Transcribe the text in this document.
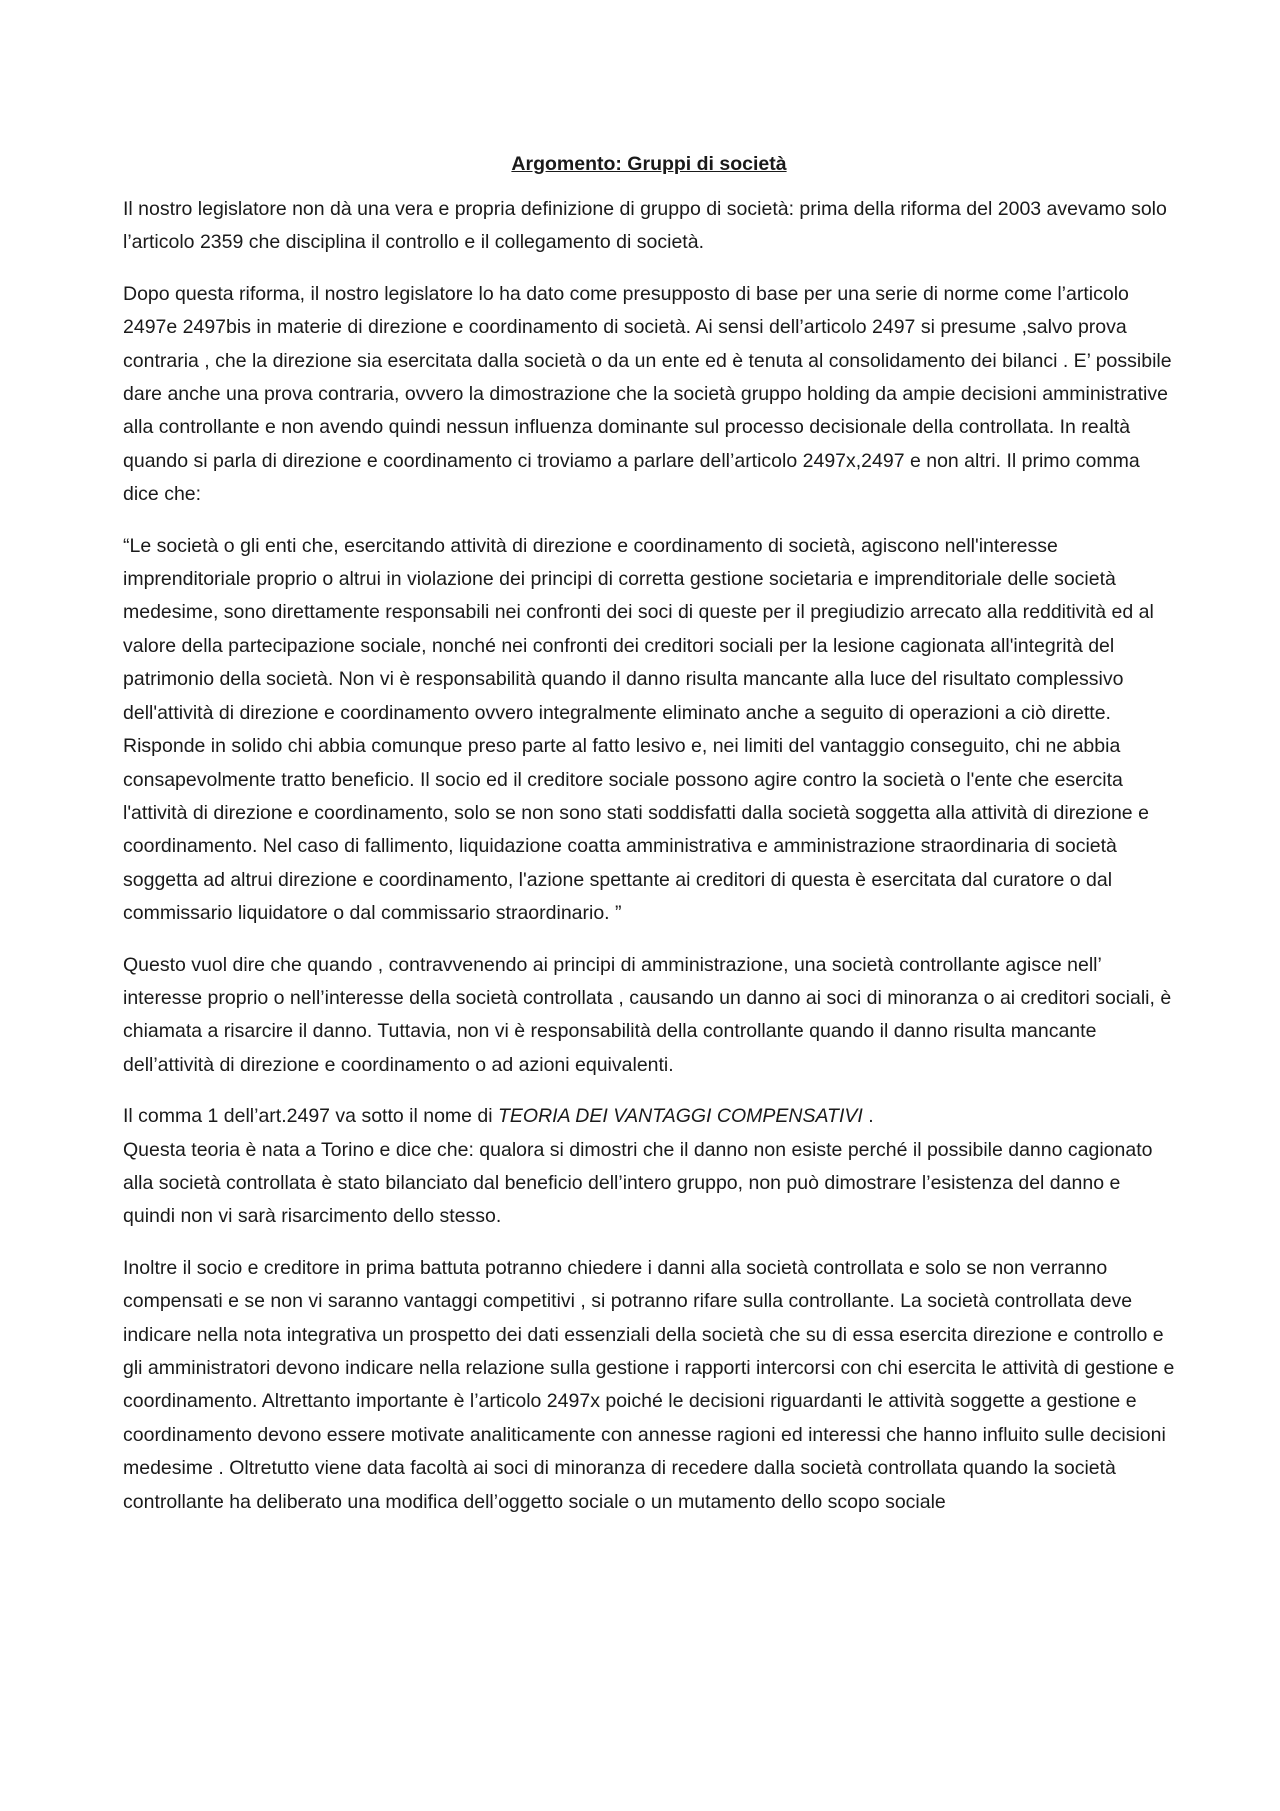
Argomento: Gruppi di società

Il nostro legislatore non dà una vera e propria definizione di gruppo di società: prima della riforma del 2003 avevamo solo l’articolo 2359 che disciplina il controllo e il collegamento di società.

Dopo questa riforma, il nostro legislatore lo ha dato come presupposto di base per una serie di norme come l’articolo 2497e 2497bis in materie di direzione e coordinamento di società. Ai sensi dell’articolo 2497 si presume ,salvo prova contraria , che la direzione sia esercitata dalla società o da un ente ed è tenuta al consolidamento dei bilanci . E’ possibile dare anche una prova contraria, ovvero la dimostrazione che la società gruppo holding da ampie decisioni amministrative alla controllante e non avendo quindi nessun influenza dominante sul processo decisionale della controllata. In realtà quando si parla di direzione e coordinamento ci troviamo a parlare dell’articolo 2497x,2497 e non altri. Il primo comma dice che:

“Le società o gli enti che, esercitando attività di direzione e coordinamento di società, agiscono nell'interesse imprenditoriale proprio o altrui in violazione dei principi di corretta gestione societaria e imprenditoriale delle società medesime, sono direttamente responsabili nei confronti dei soci di queste per il pregiudizio arrecato alla redditività ed al valore della partecipazione sociale, nonché nei confronti dei creditori sociali per la lesione cagionata all'integrità del patrimonio della società. Non vi è responsabilità quando il danno risulta mancante alla luce del risultato complessivo dell'attività di direzione e coordinamento ovvero integralmente eliminato anche a seguito di operazioni a ciò dirette. Risponde in solido chi abbia comunque preso parte al fatto lesivo e, nei limiti del vantaggio conseguito, chi ne abbia consapevolmente tratto beneficio. Il socio ed il creditore sociale possono agire contro la società o l'ente che esercita l'attività di direzione e coordinamento, solo se non sono stati soddisfatti dalla società soggetta alla attività di direzione e coordinamento. Nel caso di fallimento, liquidazione coatta amministrativa e amministrazione straordinaria di società soggetta ad altrui direzione e coordinamento, l'azione spettante ai creditori di questa è esercitata dal curatore o dal commissario liquidatore o dal commissario straordinario. ”

Questo vuol dire che quando , contravvenendo ai principi di amministrazione, una società controllante agisce nell’ interesse proprio o nell’interesse della società controllata , causando un danno ai soci di minoranza o ai creditori sociali, è chiamata a risarcire il danno. Tuttavia, non vi è responsabilità della controllante quando il danno risulta mancante dell’attività di direzione e coordinamento o ad azioni equivalenti.

Il comma 1 dell’art.2497 va sotto il nome di TEORIA DEI VANTAGGI COMPENSATIVI .
Questa teoria è nata a Torino e dice che: qualora si dimostri che il danno non esiste perché il possibile danno cagionato alla società controllata è stato bilanciato dal beneficio dell’intero gruppo, non può dimostrare l’esistenza del danno e quindi non vi sarà risarcimento dello stesso.

Inoltre il socio e creditore in prima battuta potranno chiedere i danni alla società controllata e solo se non verranno compensati e se non vi saranno vantaggi competitivi , si potranno rifare sulla controllante. La società controllata deve indicare nella nota integrativa un prospetto dei dati essenziali della società che su di essa esercita direzione e controllo e gli amministratori devono indicare nella relazione sulla gestione i rapporti intercorsi con chi esercita le attività di gestione e coordinamento. Altrettanto importante è l’articolo 2497x poiché le decisioni riguardanti le attività soggette a gestione e coordinamento devono essere motivate analiticamente con annesse ragioni ed interessi che hanno influito sulle decisioni medesime . Oltretutto viene data facoltà ai soci di minoranza di recedere dalla società controllata quando la società controllante ha deliberato una modifica dell’oggetto sociale o un mutamento dello scopo sociale
